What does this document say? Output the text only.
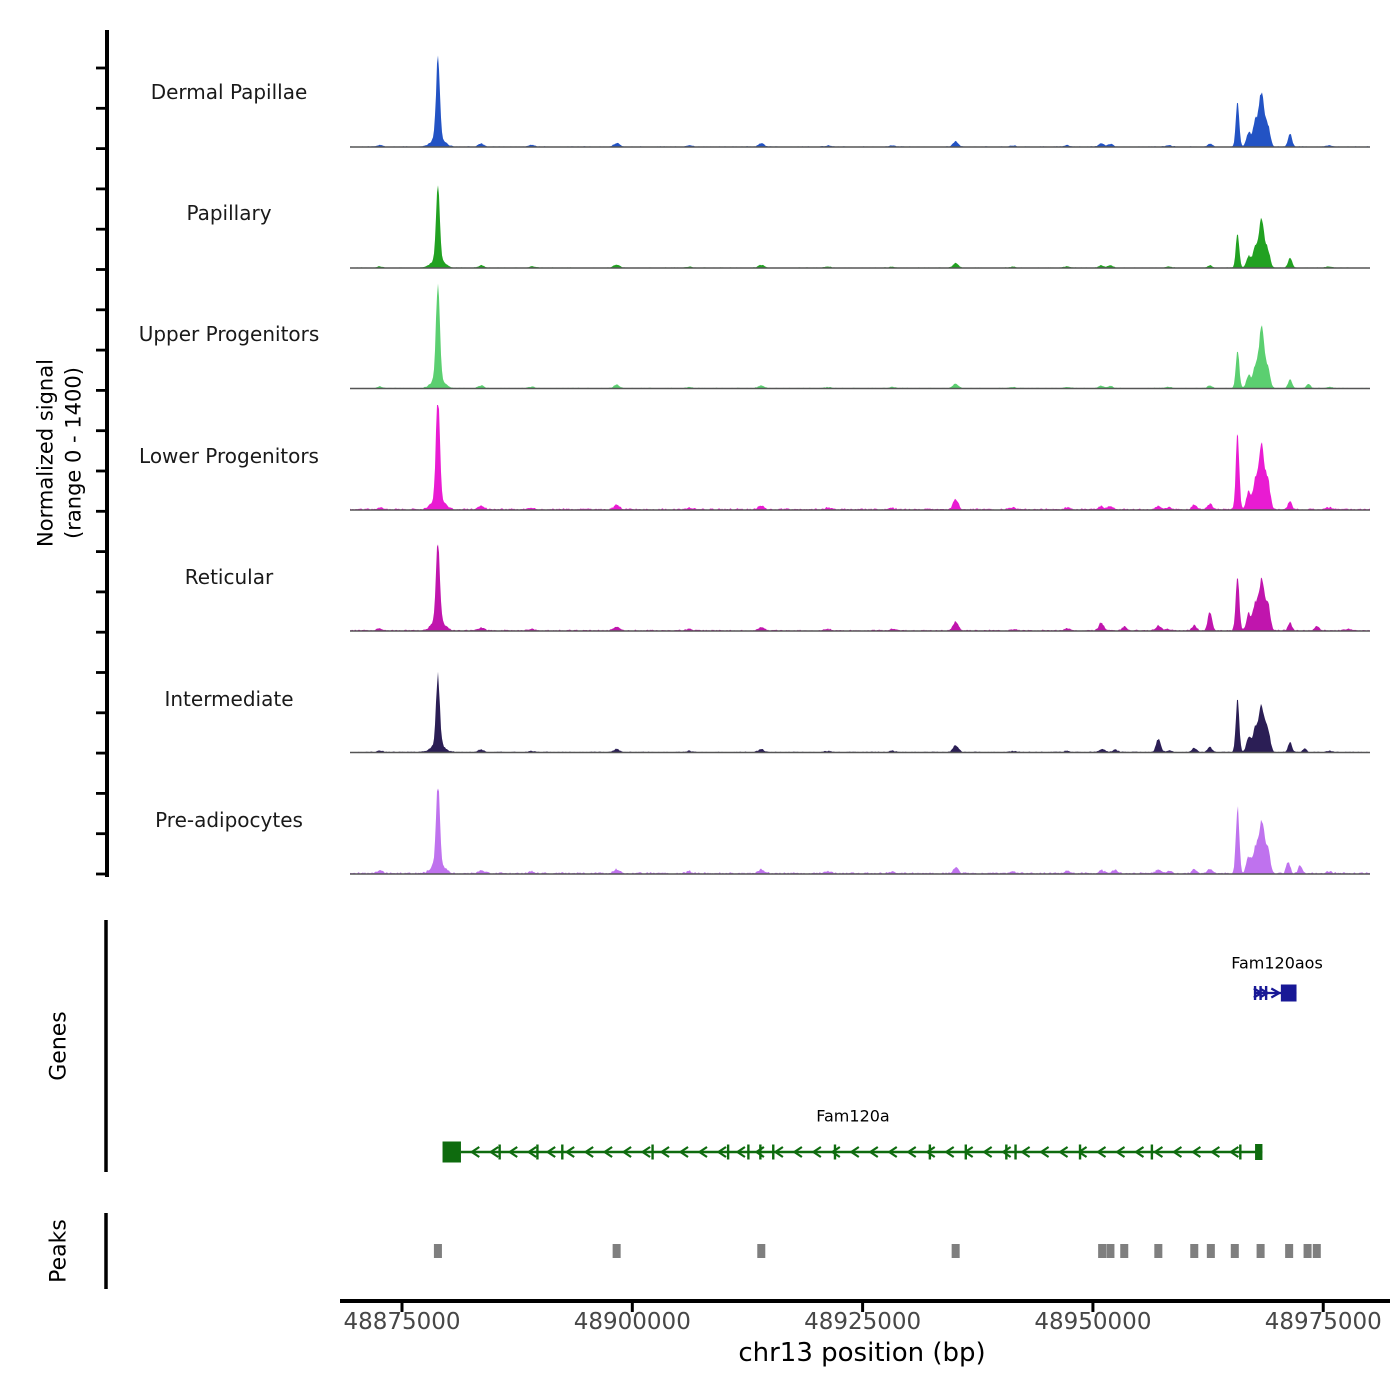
Normalized signal (range 0 - 1400)
Dermal Papillae
Papillary
Upper Progenitors
Lower Progenitors
Reticular
Intermediate
Pre-adipocytes
Genes
Peaks
Fam120aos
Fam120a
chr13 position (bp)
48875000	48900000	48925000	48950000	48975000
